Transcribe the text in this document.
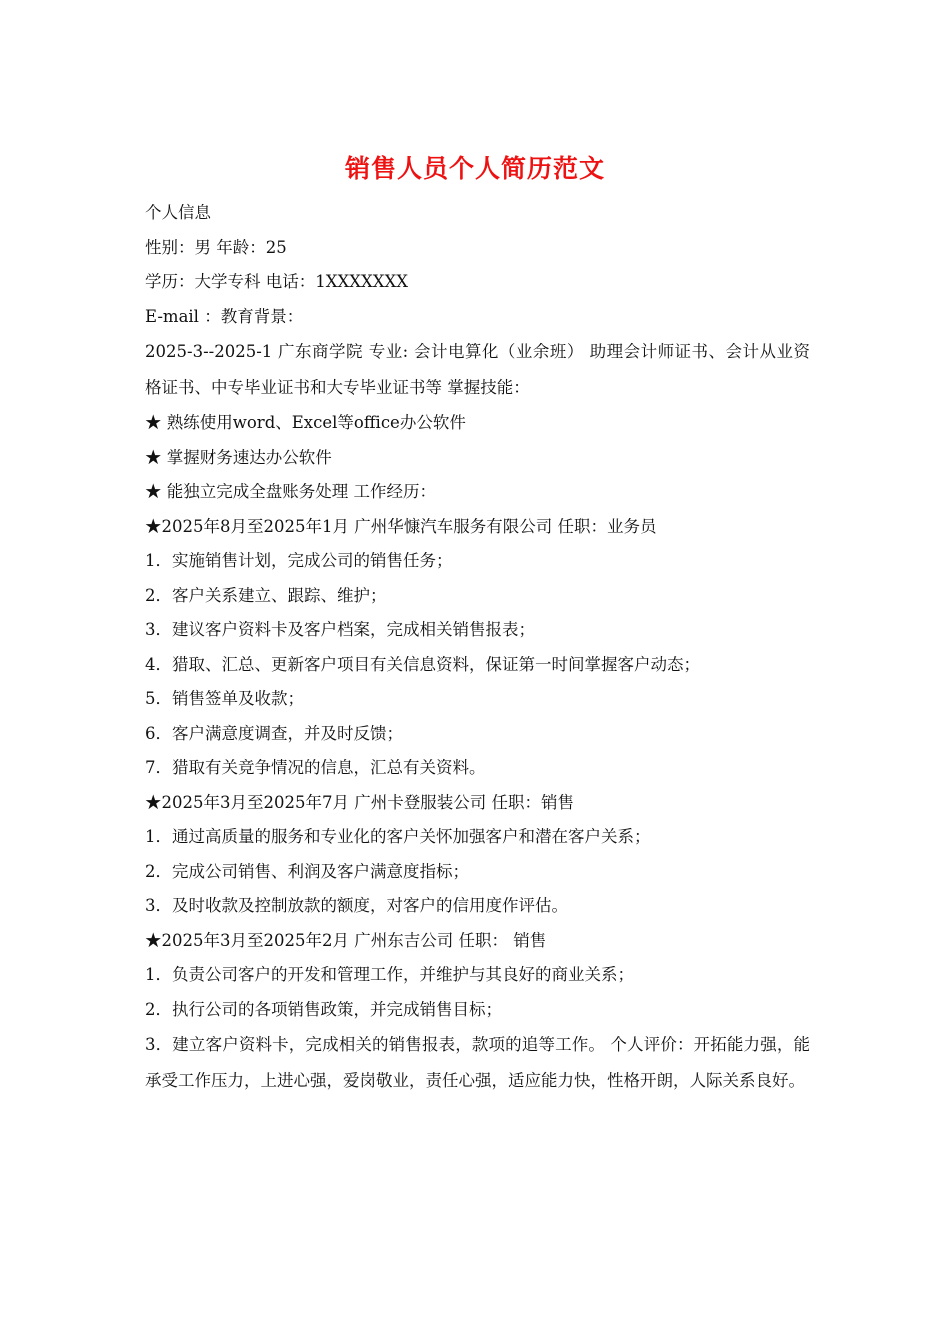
销售人员个人简历范文
个人信息
性别：男 年龄：25
学历：大学专科 电话：1XXXXXXX
E-mail ：教育背景：
2025-3--2025-1 广东商学院 专业: 会计电算化（业余班） 助理会计师证书、会计从业资格证书、中专毕业证书和大专毕业证书等 掌握技能：
★ 熟练使用word、Excel等office办公软件
★ 掌握财务速达办公软件
★ 能独立完成全盘账务处理 工作经历：
★2025年8月至2025年1月 广州华慷汽车服务有限公司 任职：业务员
1．实施销售计划，完成公司的销售任务；
2．客户关系建立、跟踪、维护；
3．建议客户资料卡及客户档案，完成相关销售报表；
4．猎取、汇总、更新客户项目有关信息资料，保证第一时间掌握客户动态；
5．销售签单及收款；
6．客户满意度调查，并及时反馈；
7．猎取有关竞争情况的信息，汇总有关资料。
★2025年3月至2025年7月 广州卡登服装公司 任职：销售
1．通过高质量的服务和专业化的客户关怀加强客户和潜在客户关系；
2．完成公司销售、利润及客户满意度指标；
3．及时收款及控制放款的额度，对客户的信用度作评估。
★2025年3月至2025年2月 广州东吉公司 任职： 销售
1．负责公司客户的开发和管理工作，并维护与其良好的商业关系；
2．执行公司的各项销售政策，并完成销售目标；
3．建立客户资料卡，完成相关的销售报表，款项的追等工作。 个人评价：开拓能力强，能承受工作压力，上进心强，爱岗敬业，责任心强，适应能力快，性格开朗，人际关系良好。
